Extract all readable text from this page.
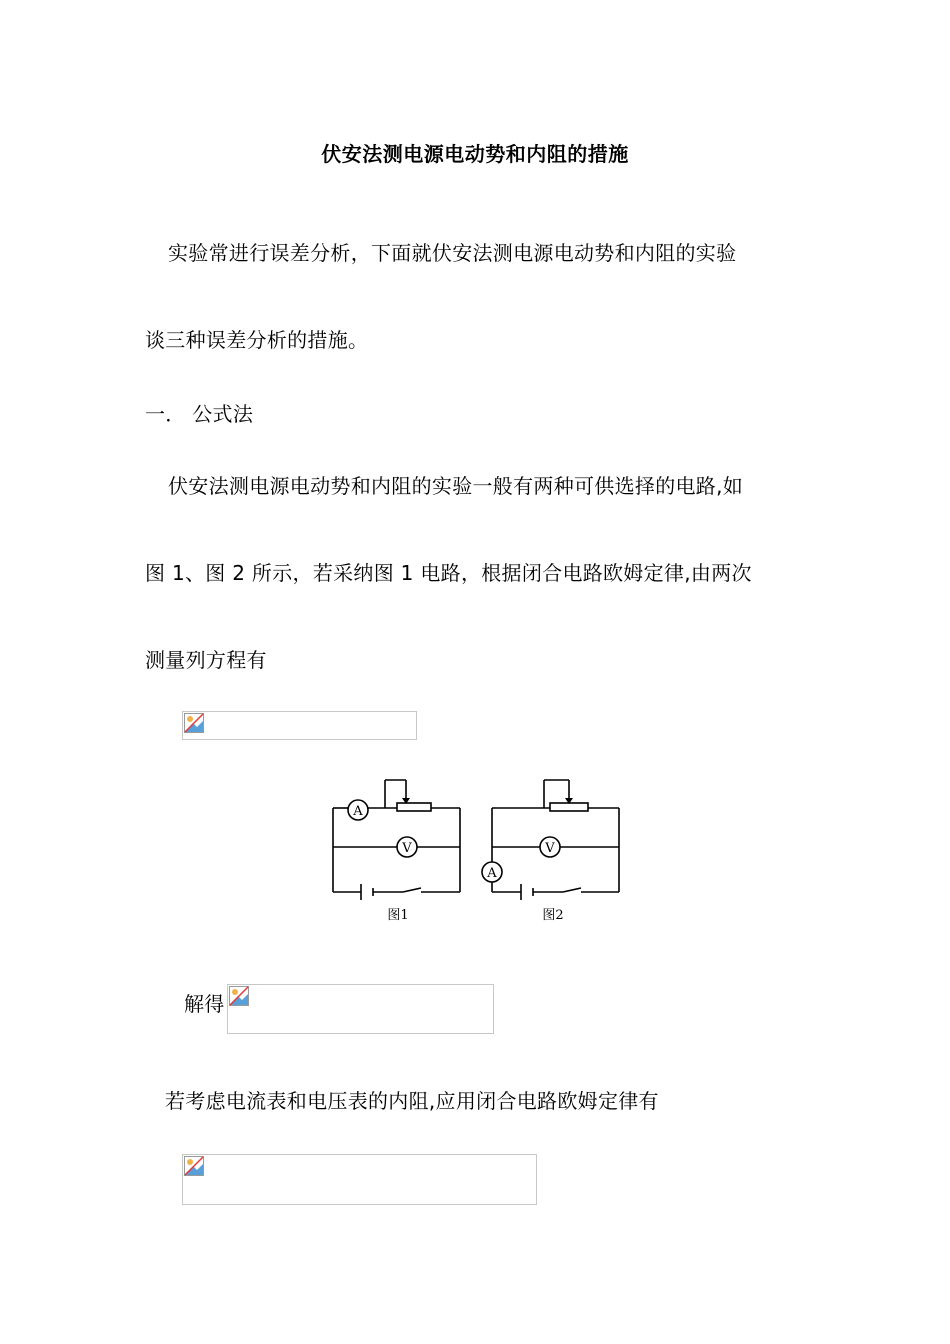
伏安法测电源电动势和内阻的措施
实验常进行误差分析，下面就伏安法测电源电动势和内阻的实验
谈三种误差分析的措施。
一． 公式法
伏安法测电源电动势和内阻的实验一般有两种可供选择的电路,如
图 1、图 2 所示，若采纳图 1 电路，根据闭合电路欧姆定律,由两次
测量列方程有
A
V	V
A
图1	图2
解得
若考虑电流表和电压表的内阻,应用闭合电路欧姆定律有
